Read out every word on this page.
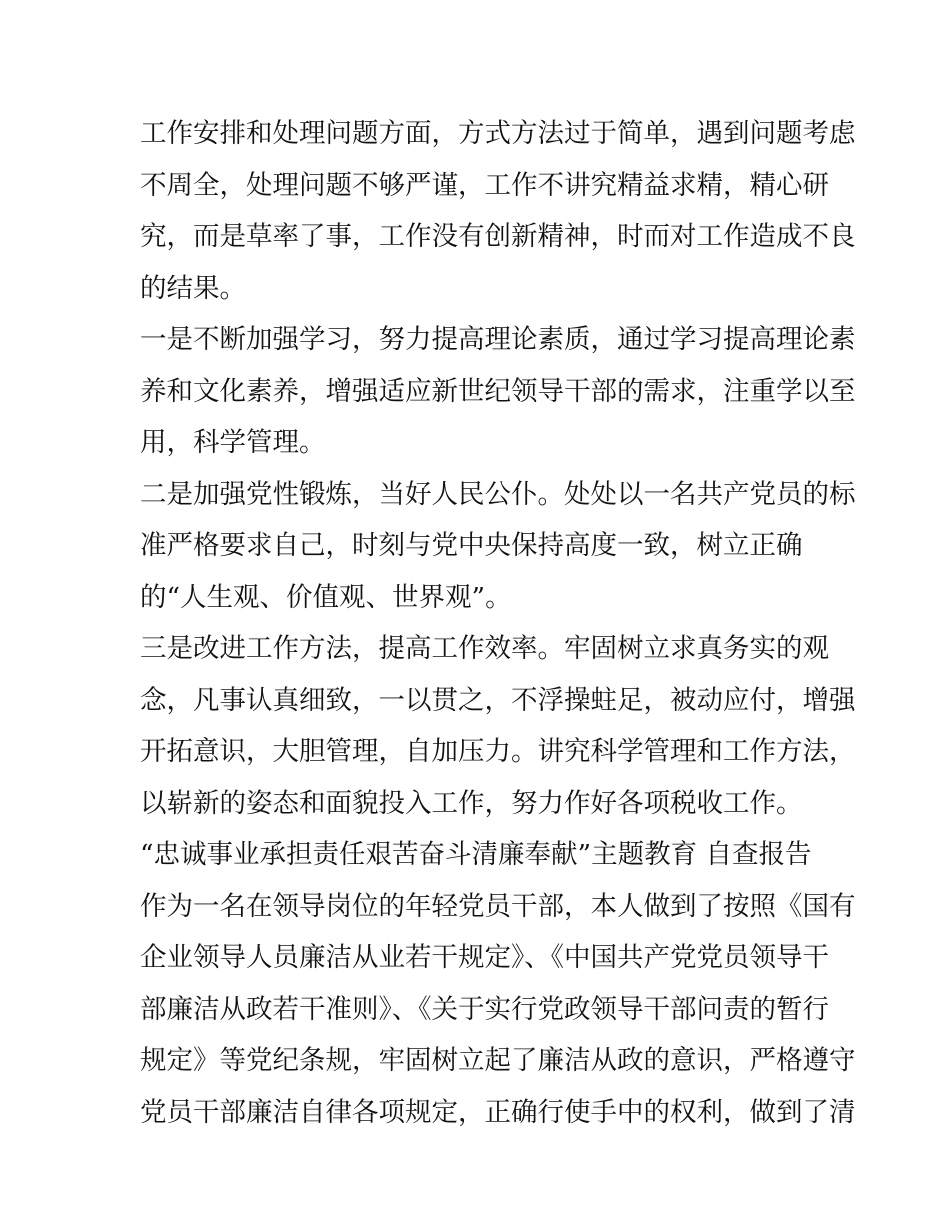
工作安排和处理问题方面，方式方法过于简单，遇到问题考虑
不周全，处理问题不够严谨，工作不讲究精益求精，精心研
究，而是草率了事，工作没有创新精神，时而对工作造成不良
的结果。
一是不断加强学习，努力提高理论素质，通过学习提高理论素
养和文化素养，增强适应新世纪领导干部的需求，注重学以至
用，科学管理。
二是加强党性锻炼，当好人民公仆。处处以一名共产党员的标
准严格要求自己，时刻与党中央保持高度一致，树立正确
的“人生观、价值观、世界观”。
三是改进工作方法，提高工作效率。牢固树立求真务实的观
念，凡事认真细致，一以贯之，不浮操蛀足，被动应付，增强
开拓意识，大胆管理，自加压力。讲究科学管理和工作方法，
以崭新的姿态和面貌投入工作，努力作好各项税收工作。
“忠诚事业承担责任艰苦奋斗清廉奉献”主题教育 自查报告
作为一名在领导岗位的年轻党员干部，本人做到了按照《国有
企业领导人员廉洁从业若干规定》、《中国共产党党员领导干
部廉洁从政若干准则》、《关于实行党政领导干部问责的暂行
规定》等党纪条规，牢固树立起了廉洁从政的意识，严格遵守
党员干部廉洁自律各项规定，正确行使手中的权利，做到了清
